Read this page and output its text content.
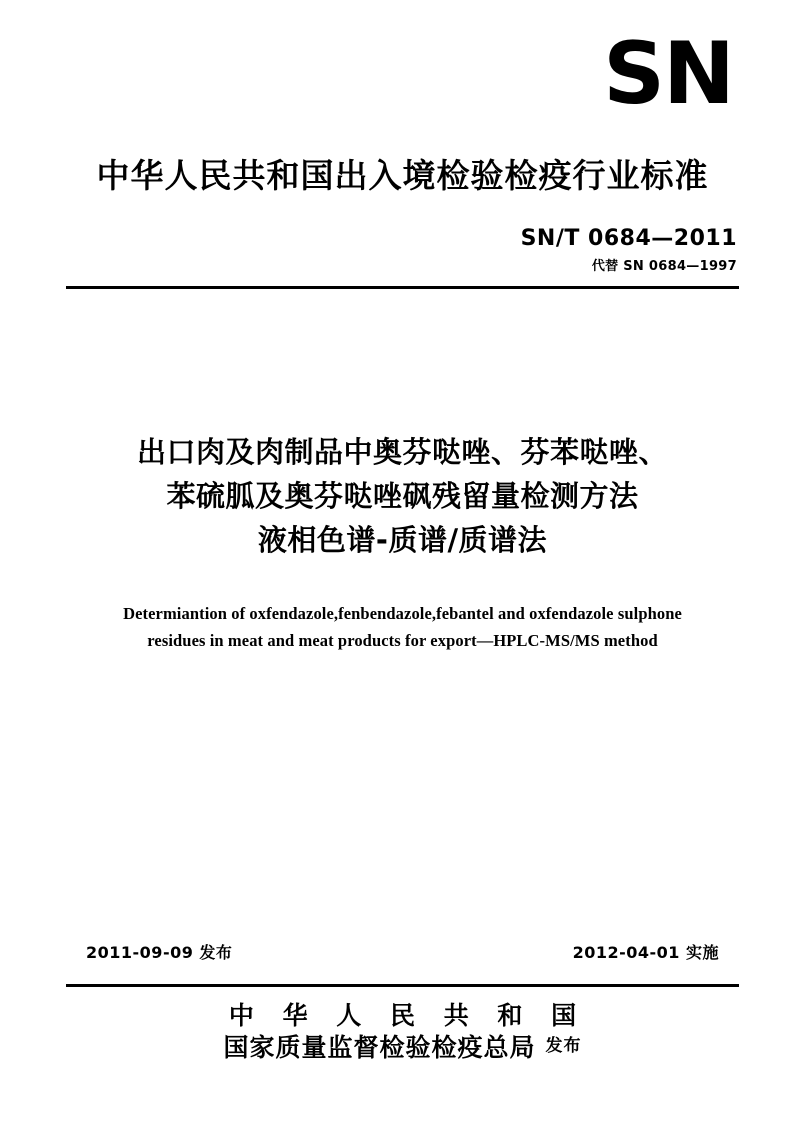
SN
中华人民共和国出入境检验检疫行业标准
SN/T 0684—2011
代替 SN 0684—1997
出口肉及肉制品中奥芬哒唑、芬苯哒唑、
苯硫胍及奥芬哒唑砜残留量检测方法
液相色谱-质谱/质谱法
Determiantion of oxfendazole,fenbendazole,febantel and oxfendazole sulphone
residues in meat and meat products for export—HPLC-MS/MS method
2011-09-09 发布	2012-04-01 实施
中 华 人 民 共 和 国
国家质量监督检验检疫总局 发布
